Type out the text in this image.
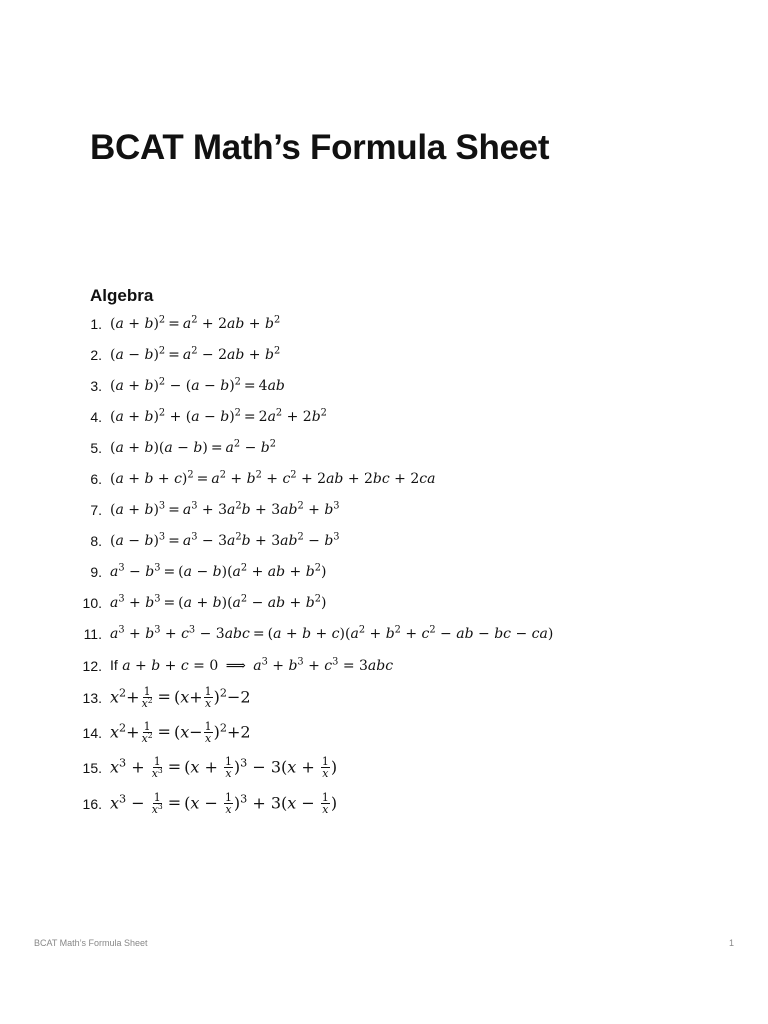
BCAT Math’s Formula Sheet
Algebra
1. $(a + b)^2 = a^2 + 2ab + b^2$
2. $(a - b)^2 = a^2 - 2ab + b^2$
3. $(a + b)^2 - (a - b)^2 = 4ab$
4. $(a + b)^2 + (a - b)^2 = 2a^2 + 2b^2$
5. $(a + b)(a - b) = a^2 - b^2$
6. $(a + b + c)^2 = a^2 + b^2 + c^2 + 2ab + 2bc + 2ca$
7. $(a + b)^3 = a^3 + 3a^2b + 3ab^2 + b^3$
8. $(a - b)^3 = a^3 - 3a^2b + 3ab^2 - b^3$
9. $a^3 - b^3 = (a - b)(a^2$ + ab + $b^2$)
10. $a^3 + b^3 = (a + b)(a^2$ − ab + $b^2$)
11. $a^3 + b^3 + c^3 - 3abc = (a + b + c)(a^2 + b^2 + c^2$ − ab − bc − ca)
12. If a + b + c = 0 ⟹ $a^3 + b^3 + c^3 = 3abc$
13. $x^2+ \frac{1}{x^2} = (x+ \frac{1}{x} )^2-2$
14. $x^2+ \frac{1}{x^2} = (x- \frac{1}{x} )^2+2$
15. $x^3 + \frac{1}{x^3} = (x + \frac{1}{x} )^3 - 3(x + \frac{1}{x}$ )
16. $x^3 - \frac{1}{x^3} = (x - \frac{1}{x} )^3 + 3(x - \frac{1}{x}$ )
BCAT Math’s Formula Sheet	1
